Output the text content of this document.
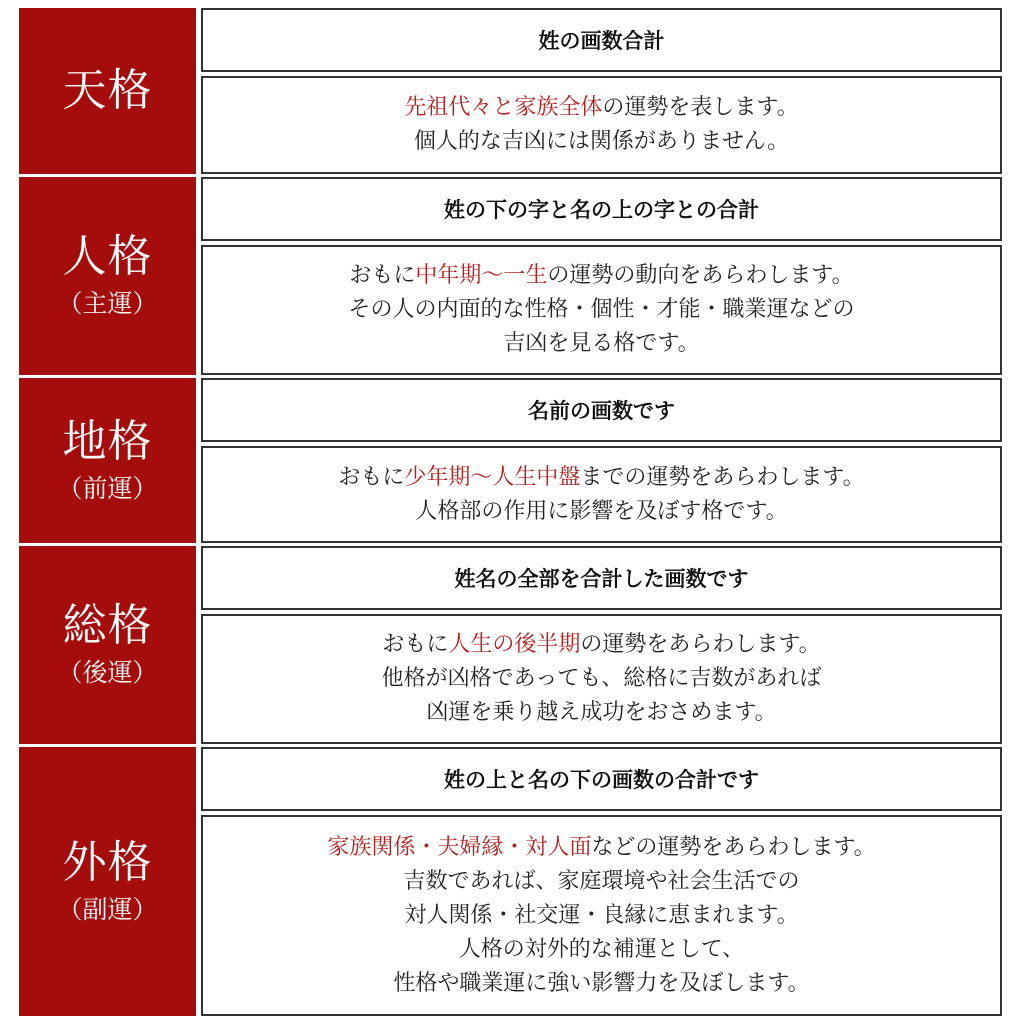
天格
姓の画数合計
先祖代々と家族全体の運勢を表します。
個人的な吉凶には関係がありません。
人格
（主運）
姓の下の字と名の上の字との合計
おもに中年期〜一生の運勢の動向をあらわします。
その人の内面的な性格・個性・才能・職業運などの
吉凶を見る格です。
地格
（前運）
名前の画数です
おもに少年期〜人生中盤までの運勢をあらわします。
人格部の作用に影響を及ぼす格です。
総格
（後運）
姓名の全部を合計した画数です
おもに人生の後半期の運勢をあらわします。
他格が凶格であっても、総格に吉数があれば
凶運を乗り越え成功をおさめます。
外格
（副運）
姓の上と名の下の画数の合計です
家族関係・夫婦縁・対人面などの運勢をあらわします。
吉数であれば、家庭環境や社会生活での
対人関係・社交運・良縁に恵まれます。
人格の対外的な補運として、
性格や職業運に強い影響力を及ぼします。
